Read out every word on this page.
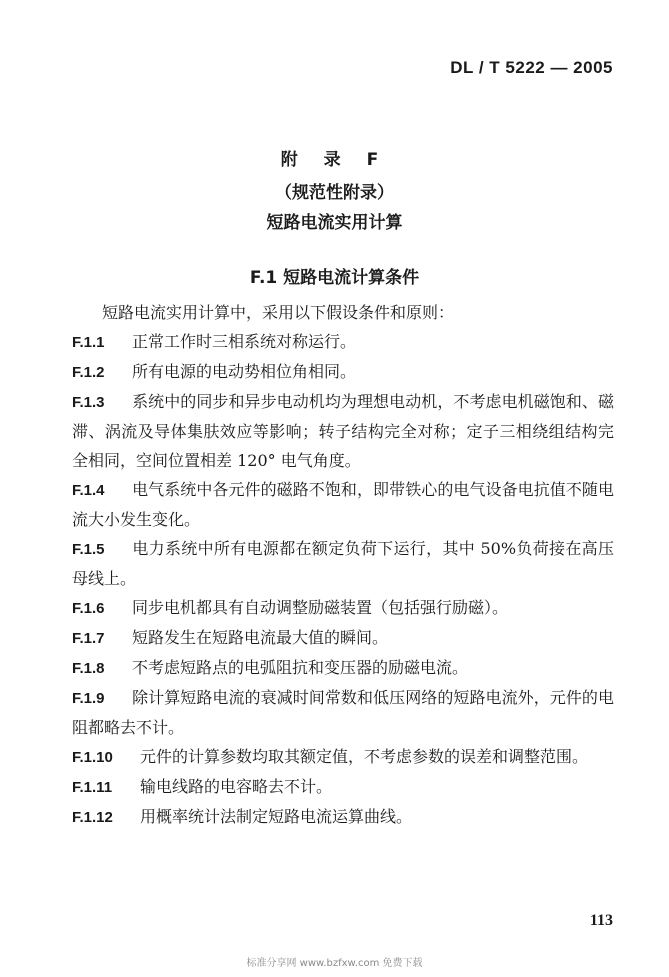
DL / T 5222 — 2005
附 录 F
（规范性附录）
短路电流实用计算
F.1 短路电流计算条件
短路电流实用计算中，采用以下假设条件和原则：

F.1.1 正常工作时三相系统对称运行。

F.1.2 所有电源的电动势相位角相同。

F.1.3 系统中的同步和异步电动机均为理想电动机，不考虑电机磁饱和、磁滞、涡流及导体集肤效应等影响；转子结构完全对称；定子三相绕组结构完全相同，空间位置相差 120° 电气角度。

F.1.4 电气系统中各元件的磁路不饱和，即带铁心的电气设备电抗值不随电流大小发生变化。

F.1.5 电力系统中所有电源都在额定负荷下运行，其中 50%负荷接在高压母线上。

F.1.6 同步电机都具有自动调整励磁装置（包括强行励磁）。

F.1.7 短路发生在短路电流最大值的瞬间。

F.1.8 不考虑短路点的电弧阻抗和变压器的励磁电流。

F.1.9 除计算短路电流的衰减时间常数和低压网络的短路电流外，元件的电阻都略去不计。

F.1.10 元件的计算参数均取其额定值，不考虑参数的误差和调整范围。

F.1.11 输电线路的电容略去不计。

F.1.12 用概率统计法制定短路电流运算曲线。

113
标准分享网 www.bzfxw.com 免费下载
